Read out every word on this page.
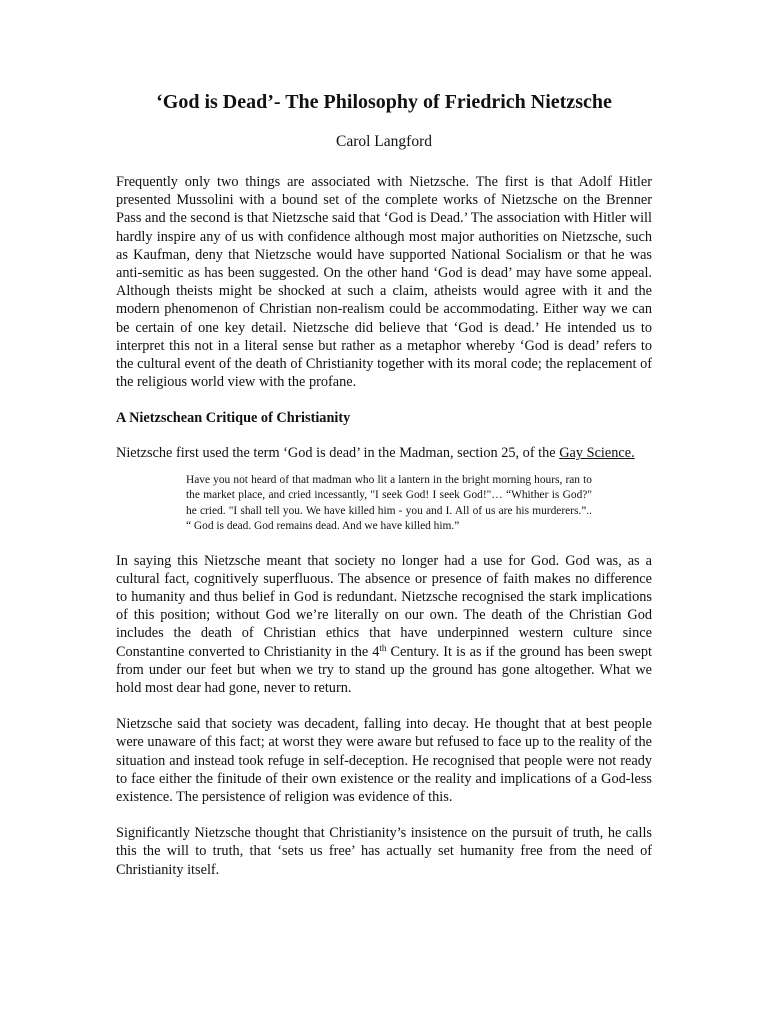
‘God is Dead’- The Philosophy of Friedrich Nietzsche

Carol Langford

Frequently only two things are associated with Nietzsche. The first is that Adolf Hitler presented Mussolini with a bound set of the complete works of Nietzsche on the Brenner Pass and the second is that Nietzsche said that ‘God is Dead.’ The association with Hitler will hardly inspire any of us with confidence although most major authorities on Nietzsche, such as Kaufman, deny that Nietzsche would have supported National Socialism or that he was anti-semitic as has been suggested. On the other hand ‘God is dead’ may have some appeal. Although theists might be shocked at such a claim, atheists would agree with it and the modern phenomenon of Christian non-realism could be accommodating. Either way we can be certain of one key detail. Nietzsche did believe that ‘God is dead.’ He intended us to interpret this not in a literal sense but rather as a metaphor whereby ‘God is dead’ refers to the cultural event of the death of Christianity together with its moral code; the replacement of the religious world view with the profane.

A Nietzschean Critique of Christianity

Nietzsche first used the term ‘God is dead’ in the Madman, section 25, of the Gay Science.

Have you not heard of that madman who lit a lantern in the bright morning hours, ran to the market place, and cried incessantly, "I seek God! I seek God!"… “Whither is God?" he cried. "I shall tell you. We have killed him - you and I. All of us are his murderers.”.. “ God is dead. God remains dead. And we have killed him.”

In saying this Nietzsche meant that society no longer had a use for God. God was, as a cultural fact, cognitively superfluous. The absence or presence of faith makes no difference to humanity and thus belief in God is redundant. Nietzsche recognised the stark implications of this position; without God we’re literally on our own. The death of the Christian God includes the death of Christian ethics that have underpinned western culture since Constantine converted to Christianity in the 4th Century. It is as if the ground has been swept from under our feet but when we try to stand up the ground has gone altogether. What we hold most dear had gone, never to return.

Nietzsche said that society was decadent, falling into decay. He thought that at best people were unaware of this fact; at worst they were aware but refused to face up to the reality of the situation and instead took refuge in self-deception. He recognised that people were not ready to face either the finitude of their own existence or the reality and implications of a God-less existence. The persistence of religion was evidence of this.

Significantly Nietzsche thought that Christianity’s insistence on the pursuit of truth, he calls this the will to truth, that ‘sets us free’ has actually set humanity free from the need of Christianity itself.
